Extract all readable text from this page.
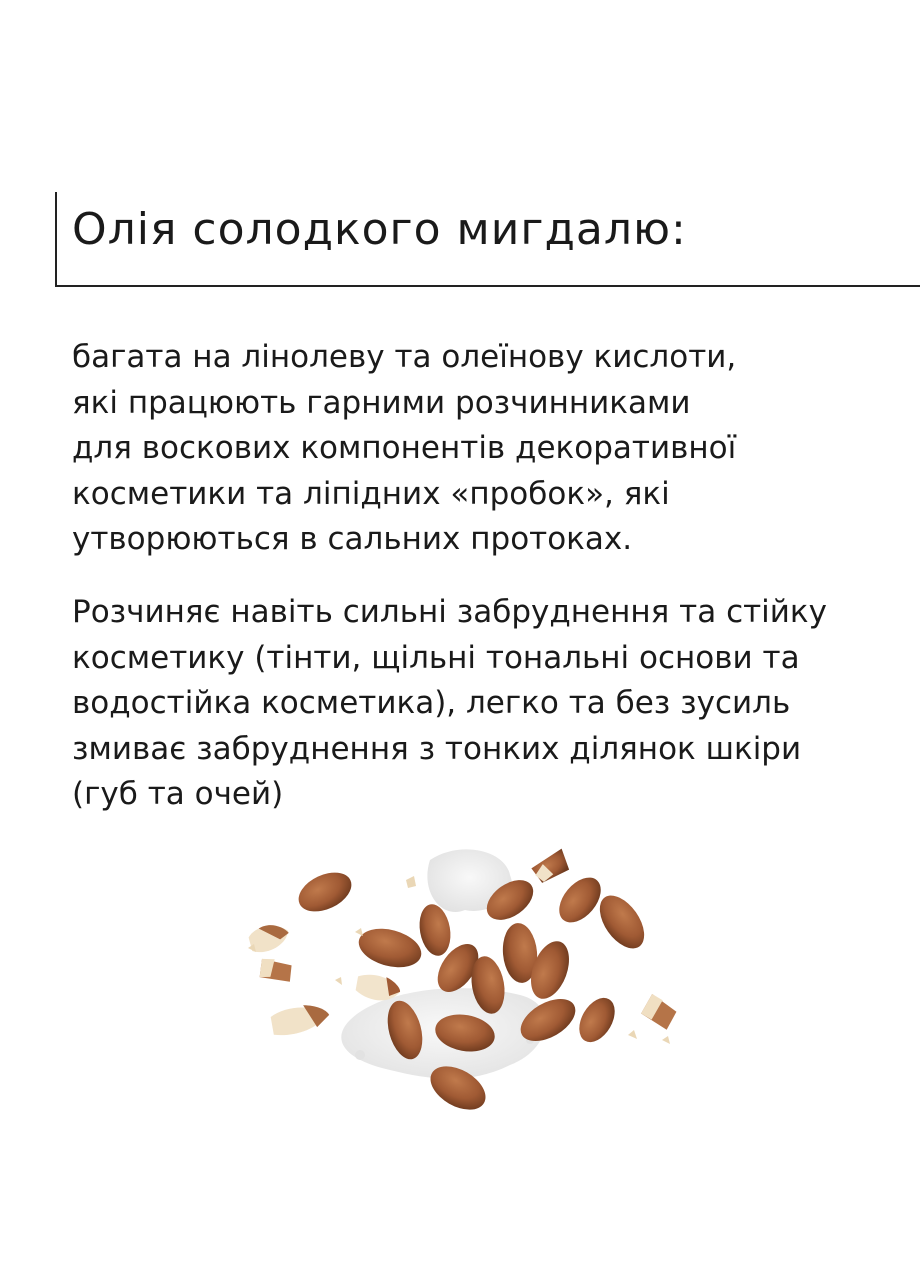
Олія солодкого мигдалю:

багата на лінолеву та олеїнову кислоти,
які працюють гарними розчинниками
для воскових компонентів декоративної
косметики та ліпідних «пробок», які
утворюються в сальних протоках.

Розчиняє навіть сильні забруднення та стійку
косметику (тінти, щільні тональні основи та
водостійка косметика), легко та без зусиль
змиває забруднення з тонких ділянок шкіри
(губ та очей)
